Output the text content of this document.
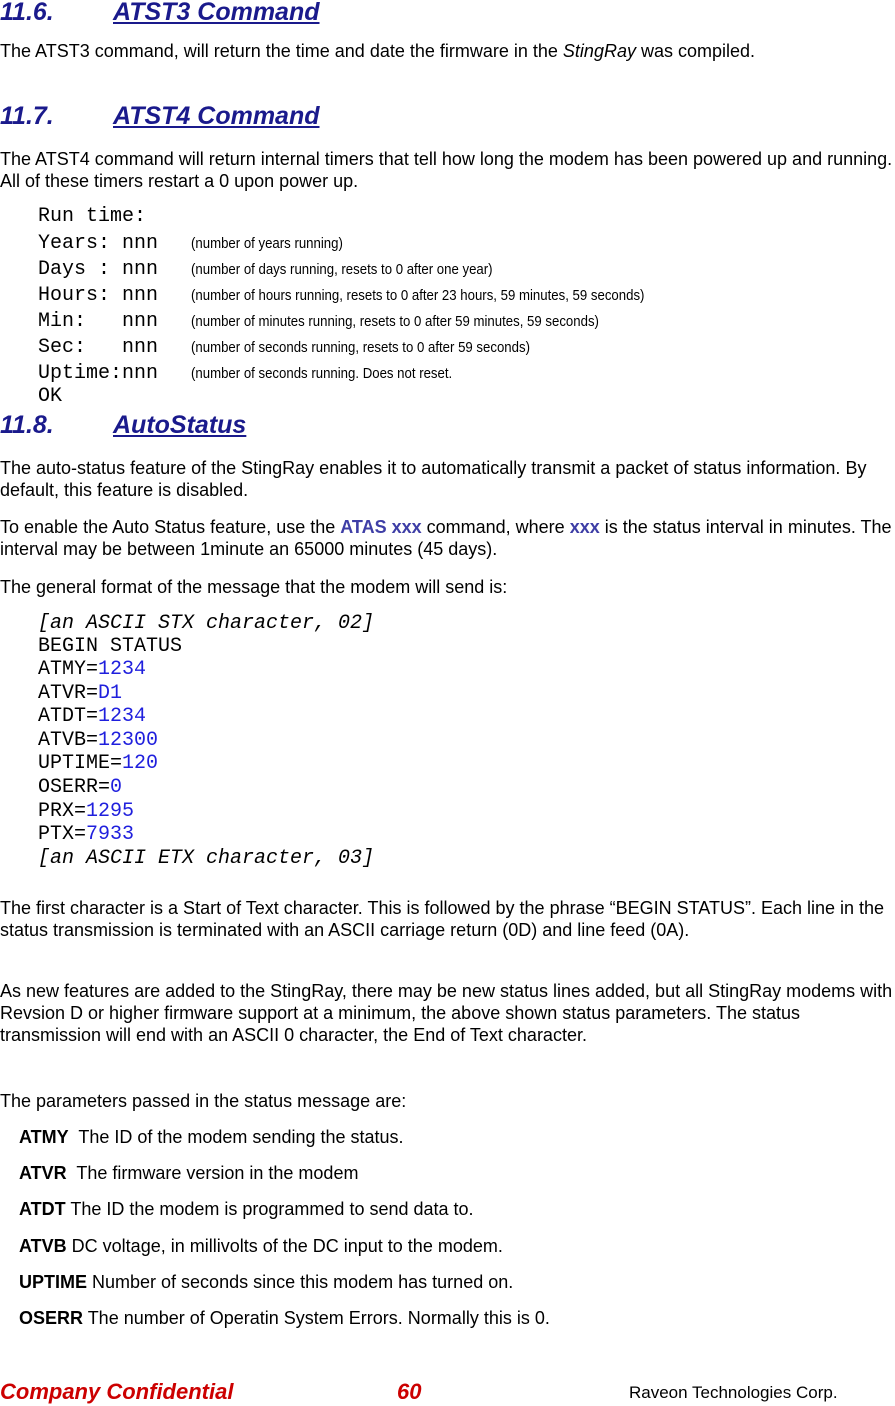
11.6. ATST3 Command
The ATST3 command, will return the time and date the firmware in the StingRay was compiled.
11.7. ATST4 Command
The ATST4 command will return internal timers that tell how long the modem has been powered up and running. All of these timers restart a 0 upon power up.
Run time:
Years: nnn (number of years running)
Days : nnn (number of days running, resets to 0 after one year)
Hours: nnn (number of hours running, resets to 0 after 23 hours, 59 minutes, 59 seconds)
Min:   nnn (number of minutes running, resets to 0 after 59 minutes, 59 seconds)
Sec:   nnn (number of seconds running, resets to 0 after 59 seconds)
Uptime:nnn (number of seconds running. Does not reset.
OK
11.8. AutoStatus
The auto-status feature of the StingRay enables it to automatically transmit a packet of status information. By default, this feature is disabled.
To enable the Auto Status feature, use the ATAS xxx command, where xxx is the status interval in minutes. The interval may be between 1minute an 65000 minutes (45 days).
The general format of the message that the modem will send is:
[an ASCII STX character, 02]
BEGIN STATUS
ATMY=1234
ATVR=D1
ATDT=1234
ATVB=12300
UPTIME=120
OSERR=0
PRX=1295
PTX=7933
[an ASCII ETX character, 03]
The first character is a Start of Text character. This is followed by the phrase “BEGIN STATUS”. Each line in the status transmission is terminated with an ASCII carriage return (0D) and line feed (0A).
As new features are added to the StingRay, there may be new status lines added, but all StingRay modems with Revsion D or higher firmware support at a minimum, the above shown status parameters. The status transmission will end with an ASCII 0 character, the End of Text character.
The parameters passed in the status message are:
ATMY  The ID of the modem sending the status.
ATVR  The firmware version in the modem
ATDT The ID the modem is programmed to send data to.
ATVB DC voltage, in millivolts of the DC input to the modem.
UPTIME Number of seconds since this modem has turned on.
OSERR The number of Operatin System Errors. Normally this is 0.
Company Confidential	60	Raveon Technologies Corp.
